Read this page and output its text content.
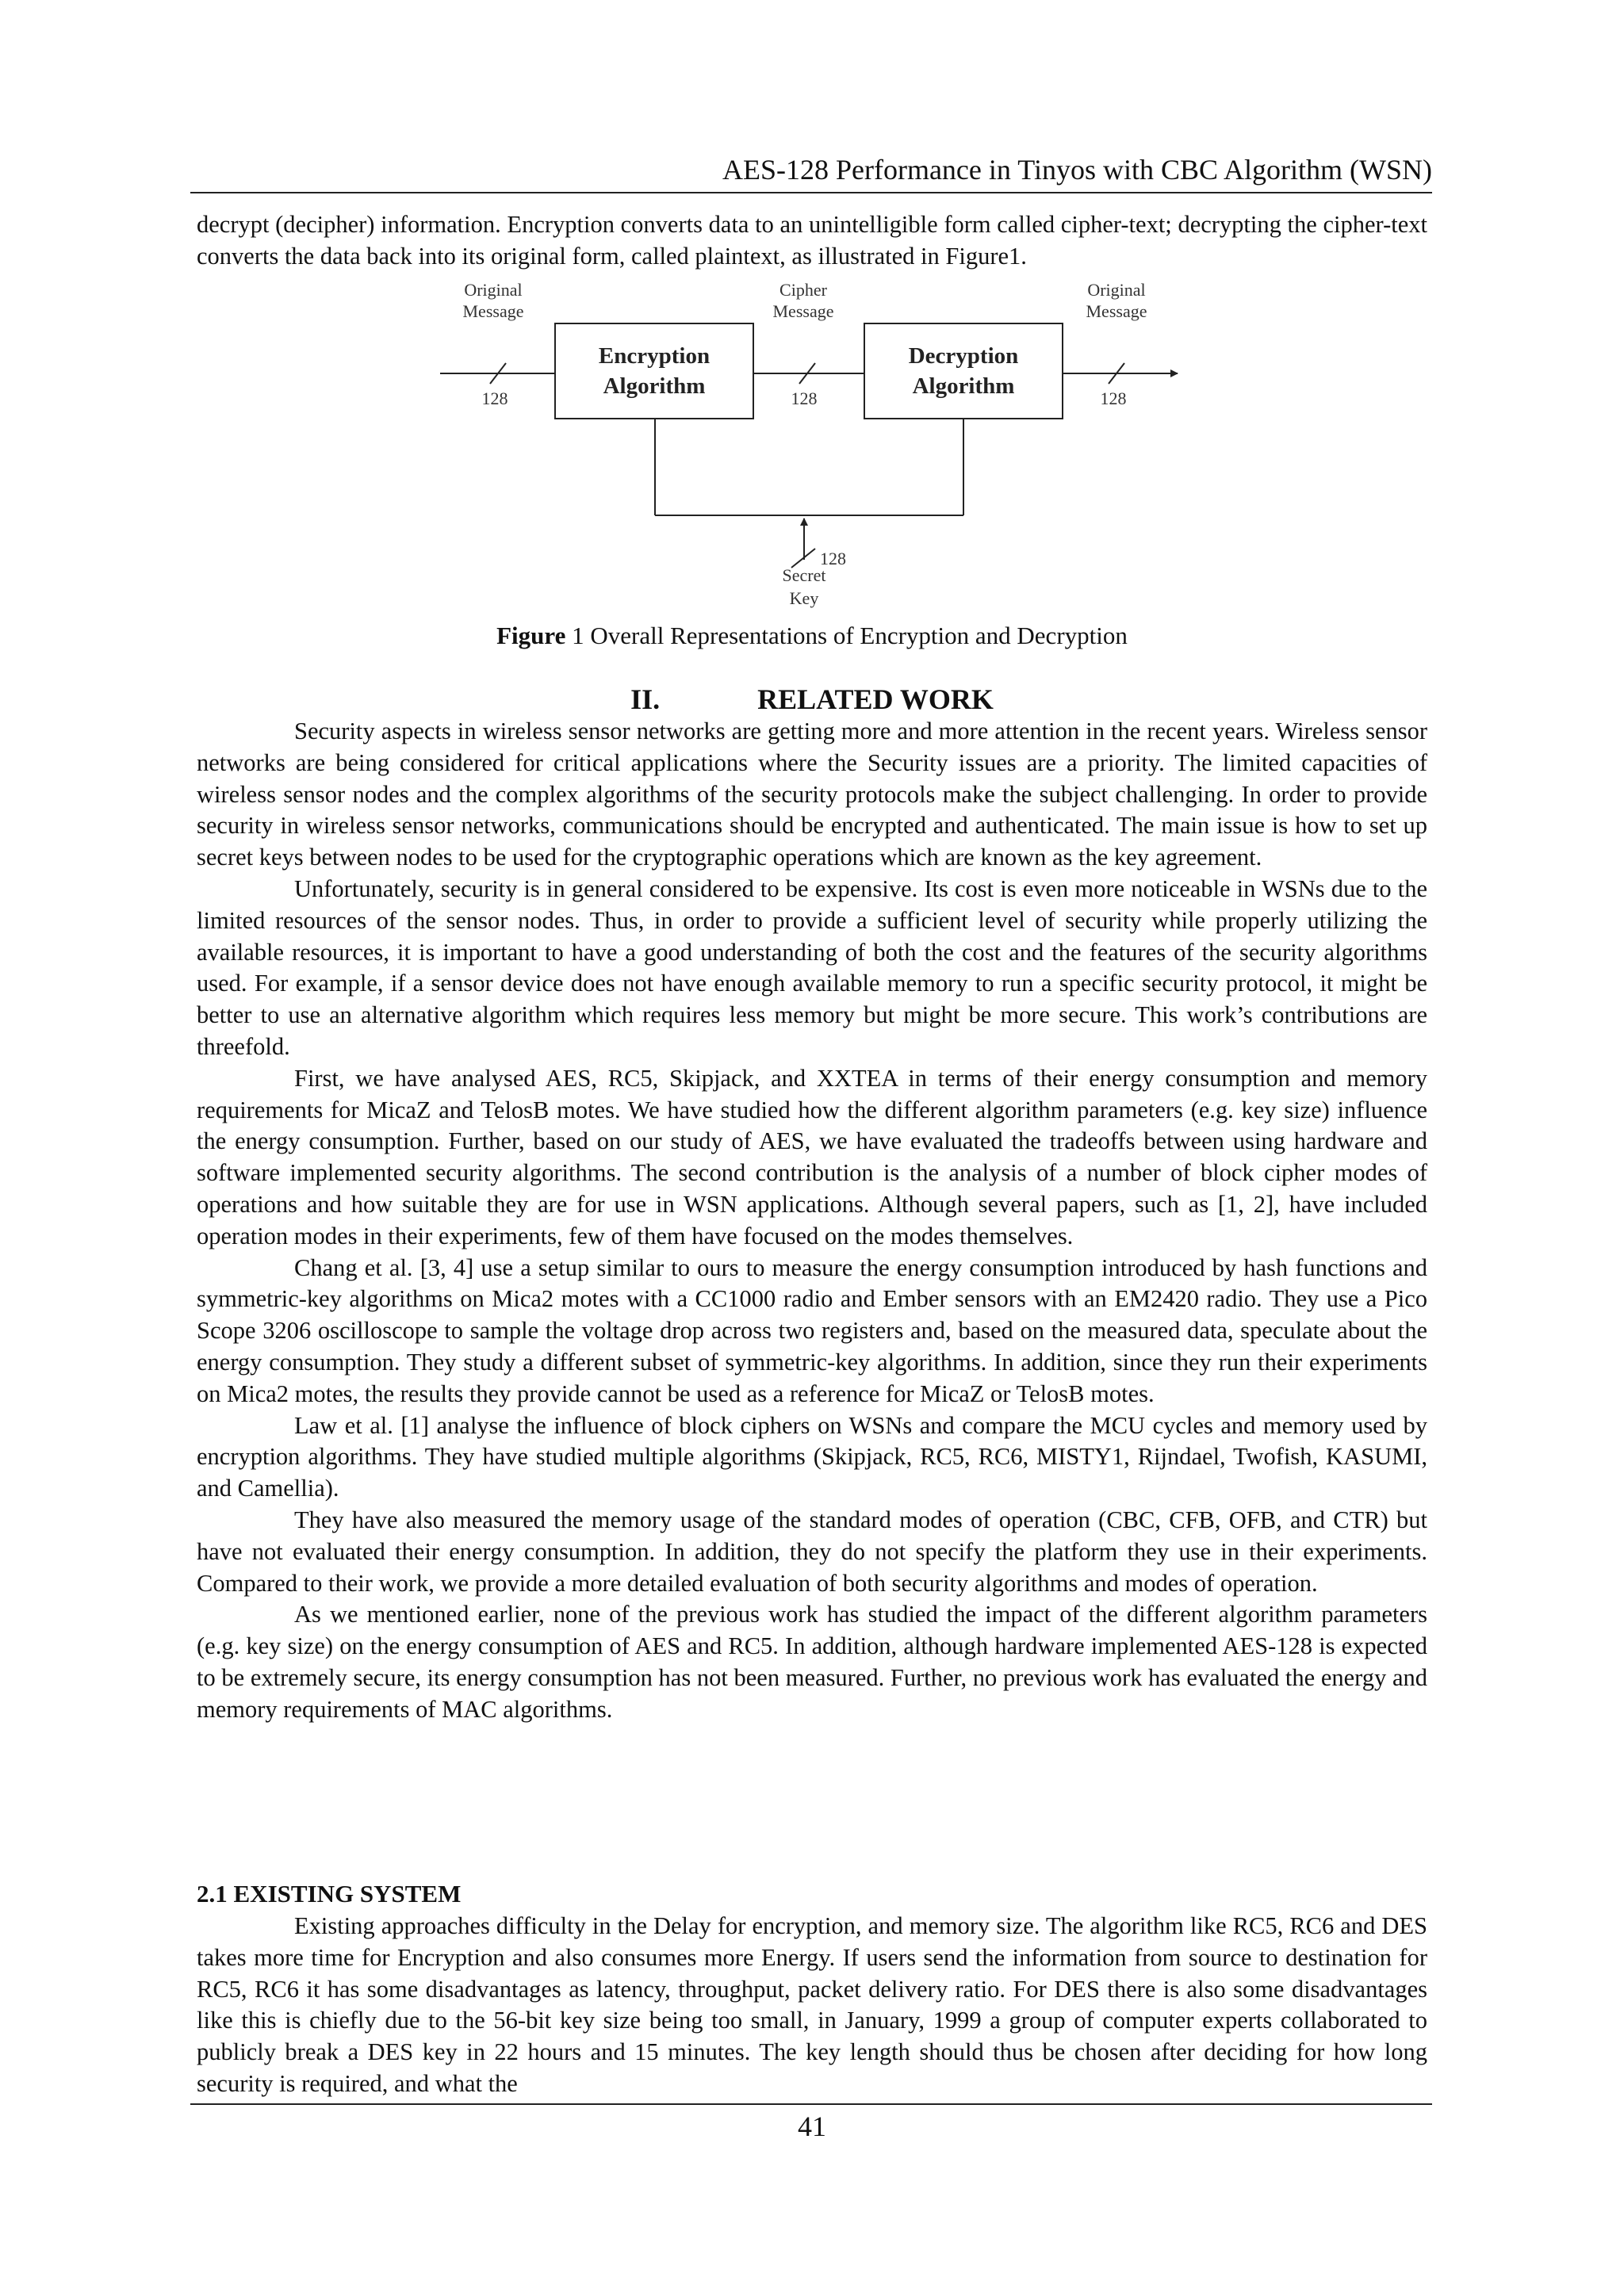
AES-128 Performance in Tinyos with CBC Algorithm (WSN)

decrypt (decipher) information. Encryption converts data to an unintelligible form called cipher-text; decrypting the cipher-text converts the data back into its original form, called plaintext, as illustrated in Figure1.

Original
Message
Cipher
Message
Original
Message
Encryption
Algorithm
Decryption
Algorithm
128	128	128
128
Secret
Key
Figure 1 Overall Representations of Encryption and Decryption
II.	RELATED WORK

Security aspects in wireless sensor networks are getting more and more attention in the recent years. Wireless sensor networks are being considered for critical applications where the Security issues are a priority. The limited capacities of wireless sensor nodes and the complex algorithms of the security protocols make the subject challenging. In order to provide security in wireless sensor networks, communications should be encrypted and authenticated. The main issue is how to set up secret keys between nodes to be used for the cryptographic operations which are known as the key agreement.

Unfortunately, security is in general considered to be expensive. Its cost is even more noticeable in WSNs due to the limited resources of the sensor nodes. Thus, in order to provide a sufficient level of security while properly utilizing the available resources, it is important to have a good understanding of both the cost and the features of the security algorithms used. For example, if a sensor device does not have enough available memory to run a specific security protocol, it might be better to use an alternative algorithm which requires less memory but might be more secure. This work’s contributions are threefold.

First, we have analysed AES, RC5, Skipjack, and XXTEA in terms of their energy consumption and memory requirements for MicaZ and TelosB motes. We have studied how the different algorithm parameters (e.g. key size) influence the energy consumption. Further, based on our study of AES, we have evaluated the tradeoffs between using hardware and software implemented security algorithms. The second contribution is the analysis of a number of block cipher modes of operations and how suitable they are for use in WSN applications. Although several papers, such as [1, 2], have included operation modes in their experiments, few of them have focused on the modes themselves.

Chang et al. [3, 4] use a setup similar to ours to measure the energy consumption introduced by hash functions and symmetric-key algorithms on Mica2 motes with a CC1000 radio and Ember sensors with an EM2420 radio. They use a Pico Scope 3206 oscilloscope to sample the voltage drop across two registers and, based on the measured data, speculate about the energy consumption. They study a different subset of symmetric-key algorithms. In addition, since they run their experiments on Mica2 motes, the results they provide cannot be used as a reference for MicaZ or TelosB motes.

Law et al. [1] analyse the influence of block ciphers on WSNs and compare the MCU cycles and memory used by encryption algorithms. They have studied multiple algorithms (Skipjack, RC5, RC6, MISTY1, Rijndael, Twofish, KASUMI, and Camellia).

They have also measured the memory usage of the standard modes of operation (CBC, CFB, OFB, and CTR) but have not evaluated their energy consumption. In addition, they do not specify the platform they use in their experiments. Compared to their work, we provide a more detailed evaluation of both security algorithms and modes of operation.

As we mentioned earlier, none of the previous work has studied the impact of the different algorithm parameters (e.g. key size) on the energy consumption of AES and RC5. In addition, although hardware implemented AES-128 is expected to be extremely secure, its energy consumption has not been measured. Further, no previous work has evaluated the energy and memory requirements of MAC algorithms.

2.1 EXISTING SYSTEM

Existing approaches difficulty in the Delay for encryption, and memory size. The algorithm like RC5, RC6 and DES takes more time for Encryption and also consumes more Energy. If users send the information from source to destination for RC5, RC6 it has some disadvantages as latency, throughput, packet delivery ratio. For DES there is also some disadvantages like this is chiefly due to the 56-bit key size being too small, in January, 1999 a group of computer experts collaborated to publicly break a DES key in 22 hours and 15 minutes. The key length should thus be chosen after deciding for how long security is required, and what the

41
